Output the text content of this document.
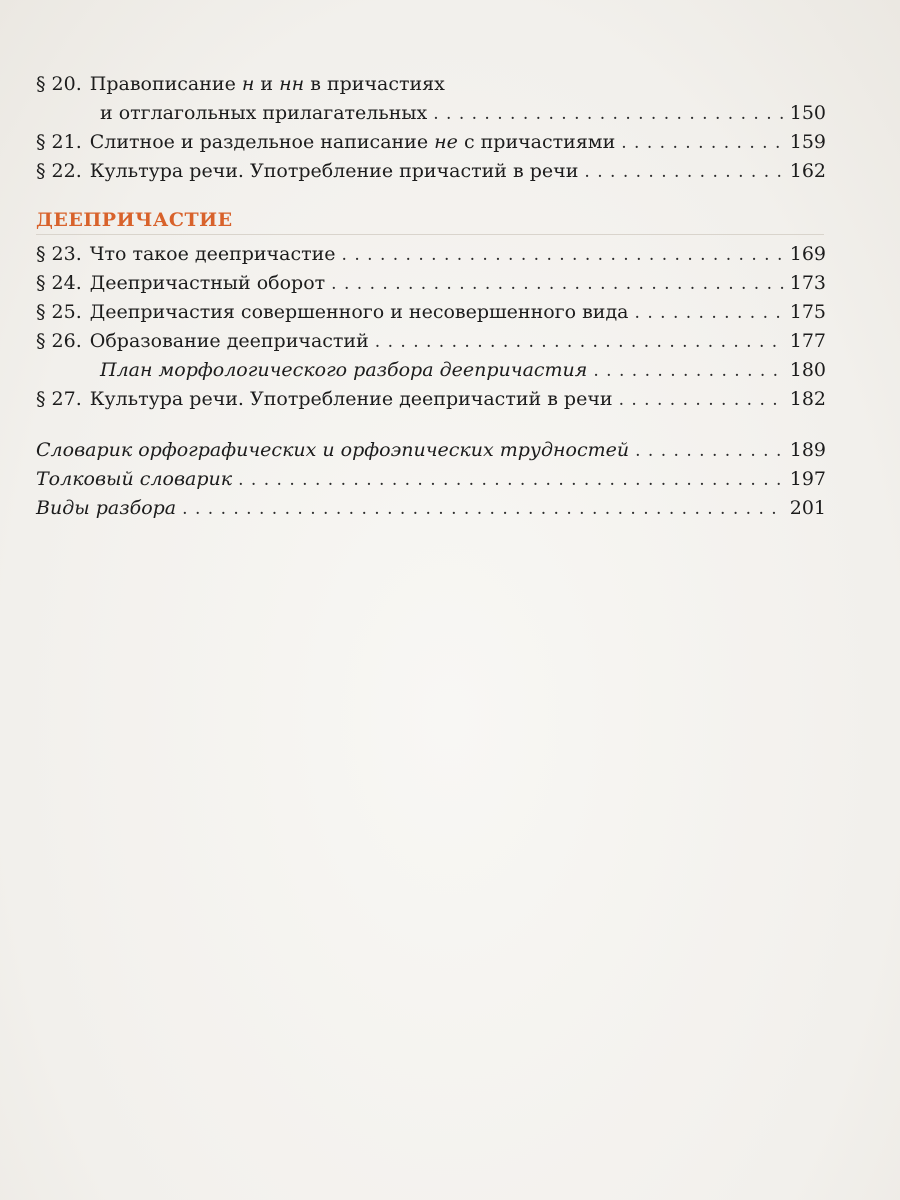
§ 20. Правописание н и нн в причастиях
и отглагольных прилагательных . . .	150
§ 21. Слитное и раздельное написание не с причастиями . . .	159
§ 22. Культура речи. Употребление причастий в речи . . .	162
ДЕЕПРИЧАСТИЕ
§ 23. Что такое деепричастие . . .	169
§ 24. Деепричастный оборот . . .	173
§ 25. Деепричастия совершенного и несовершенного вида . . .	175
§ 26. Образование деепричастий . . .	177
План морфологического разбора деепричастия . . .	180
§ 27. Культура речи. Употребление деепричастий в речи . . .	182
Словарик орфографических и орфоэпических трудностей . . .	189
Толковый словарик . . .	197
Виды разбора . . .	201
